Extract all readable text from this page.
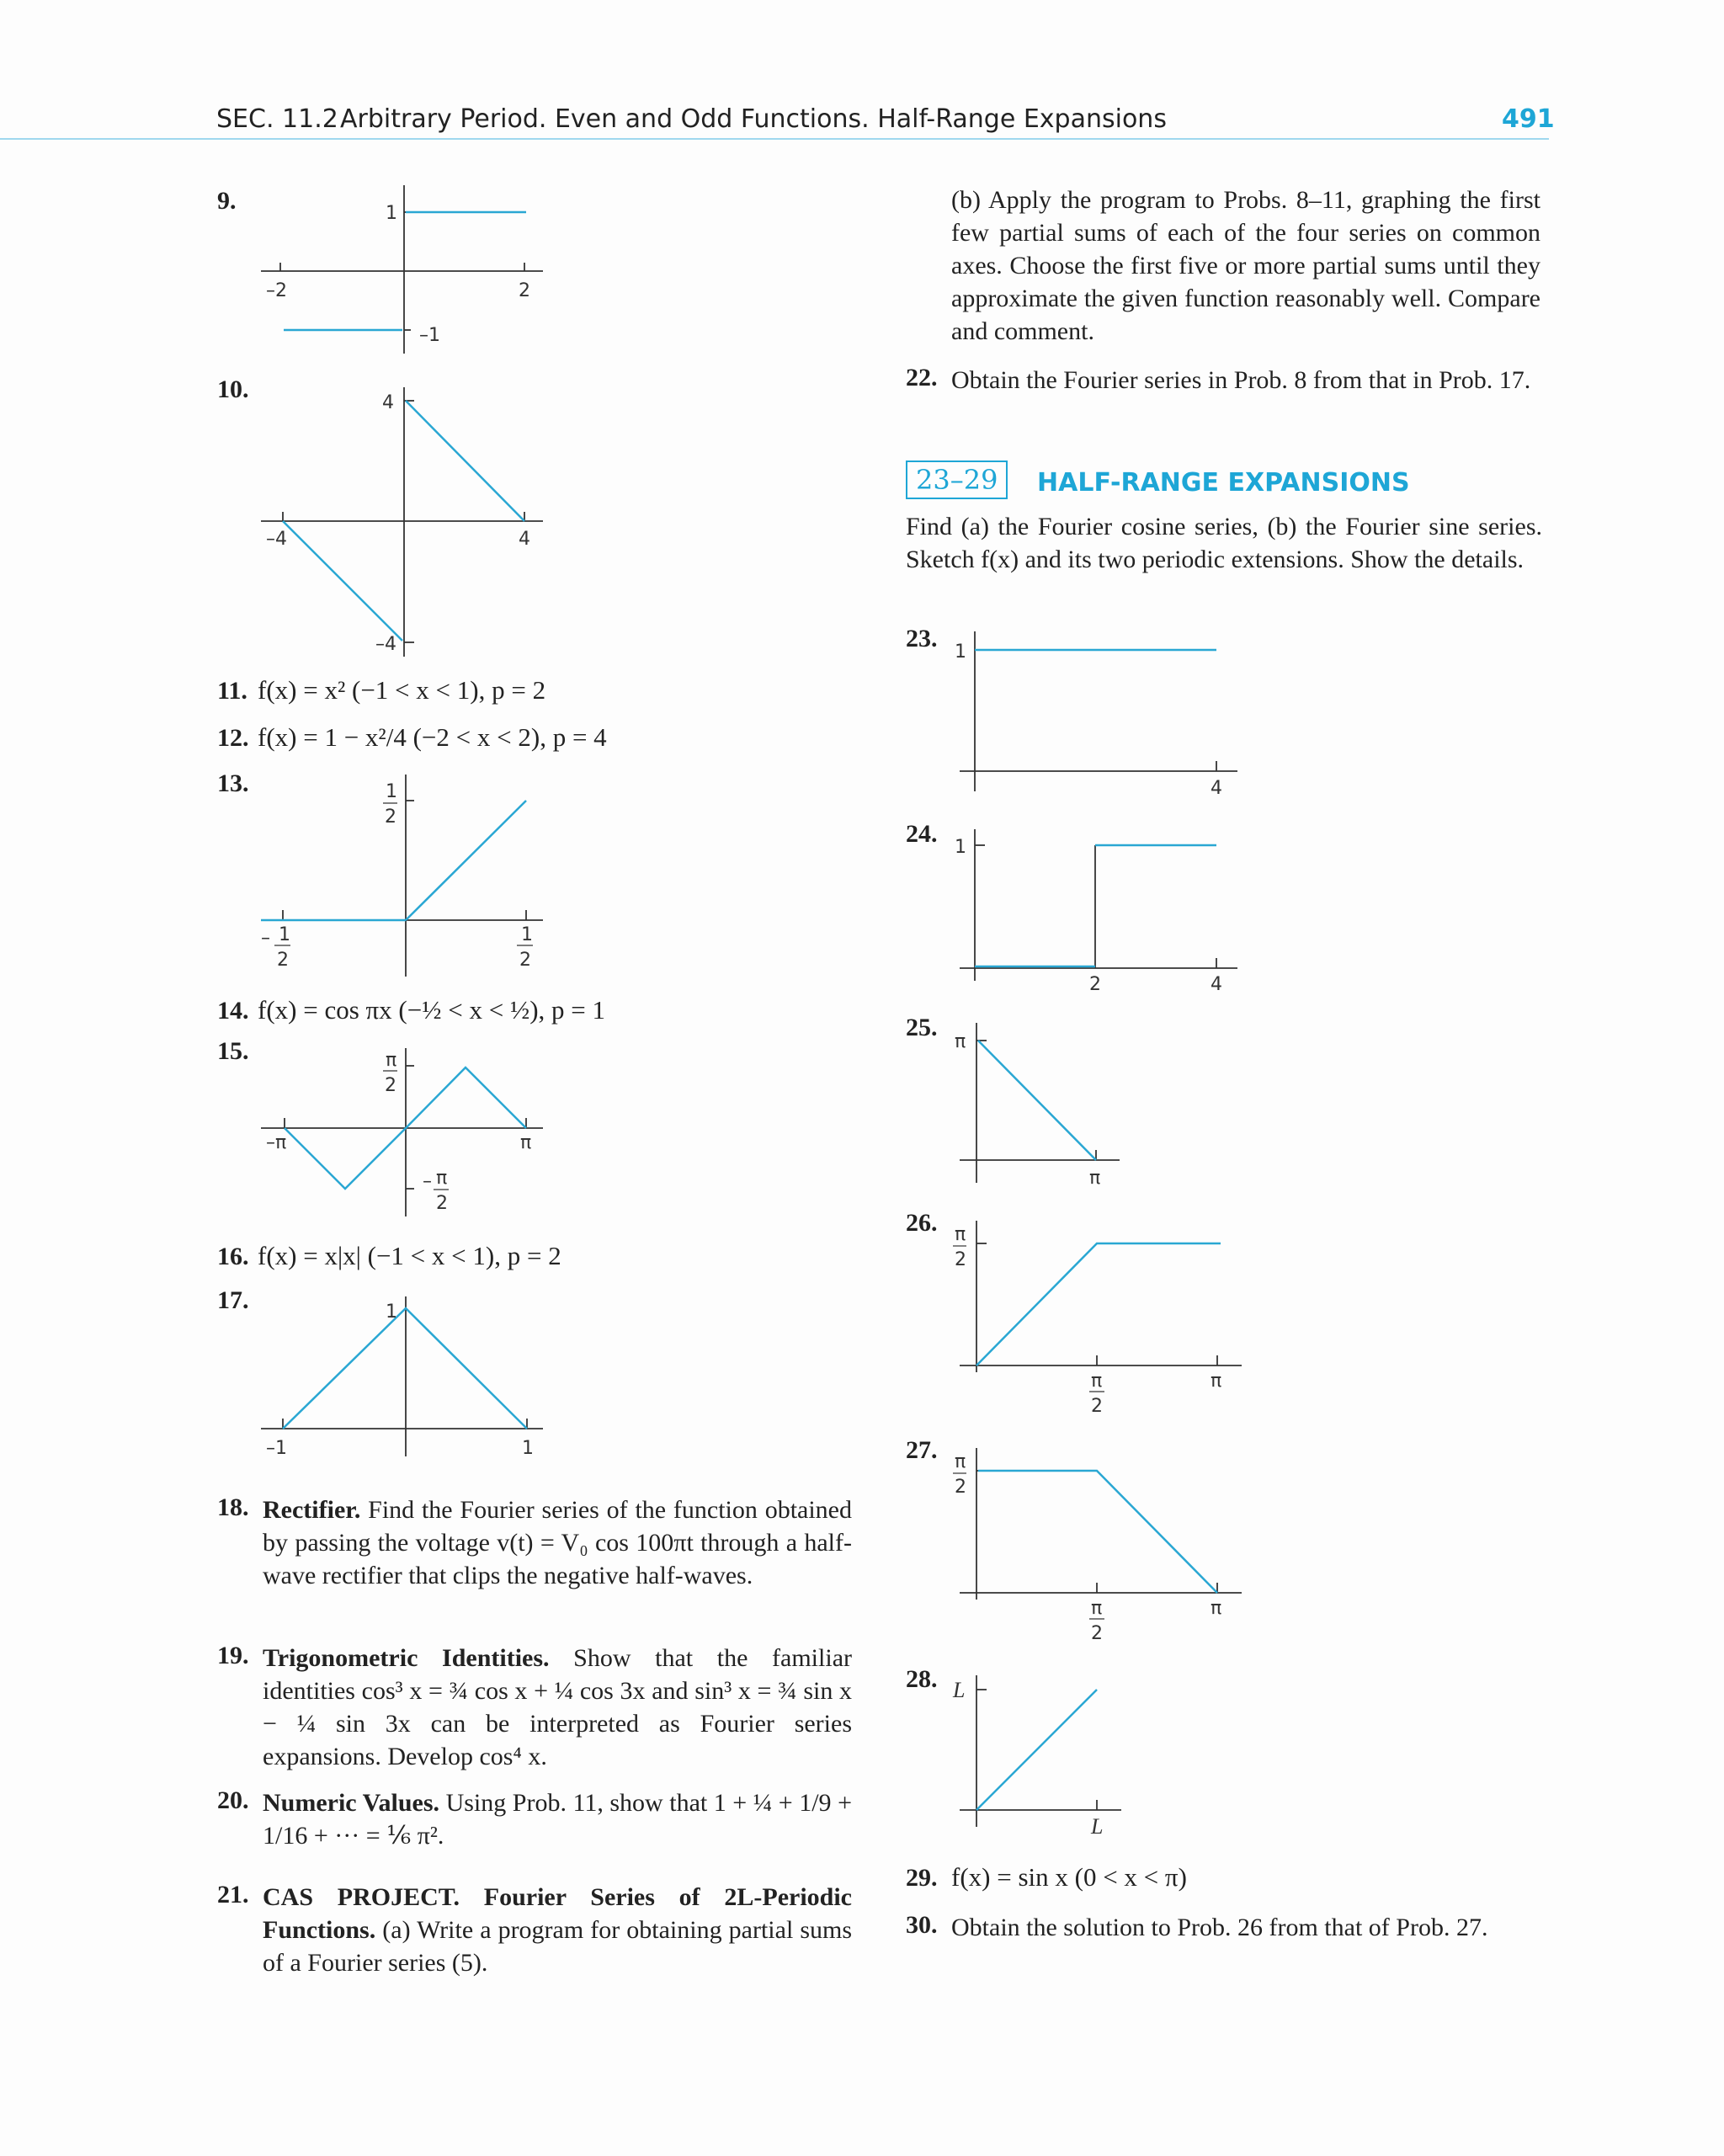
SEC. 11.2 Arbitrary Period. Even and Odd Functions. Half-Range Expansions	491
9.	1
–2	2
–1
10.	4
–4	4
–4
11. f(x) = x² (−1 < x < 1), p = 2
12. f(x) = 1 − x²/4 (−2 < x < 2), p = 4
13.	1
2
– 1
2
1
2
14. f(x) = cos πx (−½ < x < ½), p = 1
15.	π
2
–π	π
– π
2
16. f(x) = x|x| (−1 < x < 1), p = 2
17.	1
–1	1
18. Rectifier. Find the Fourier series of the function obtained by passing the voltage v(t) = V₀ cos 100πt through a half-wave rectifier that clips the negative half-waves.
19. Trigonometric Identities. Show that the familiar identities cos³ x = ¾ cos x + ¼ cos 3x and sin³ x = ¾ sin x − ¼ sin 3x can be interpreted as Fourier series expansions. Develop cos⁴ x.
20. Numeric Values. Using Prob. 11, show that 1 + ¼ + 1/9 + 1/16 + ··· = ⅙ π².
21. CAS PROJECT. Fourier Series of 2L-Periodic Functions. (a) Write a program for obtaining partial sums of a Fourier series (5).
(b) Apply the program to Probs. 8–11, graphing the first few partial sums of each of the four series on common axes. Choose the first five or more partial sums until they approximate the given function reasonably well. Compare and comment.
22. Obtain the Fourier series in Prob. 8 from that in Prob. 17.
23–29	HALF-RANGE EXPANSIONS
Find (a) the Fourier cosine series, (b) the Fourier sine series. Sketch f(x) and its two periodic extensions. Show the details.
23. 1
4
24. 1
2	4
25.
π
π
26. π
2
π
2
π
27. π
2
π
2
π
28. L
L
29. f(x) = sin x (0 < x < π)
30. Obtain the solution to Prob. 26 from that of Prob. 27.
